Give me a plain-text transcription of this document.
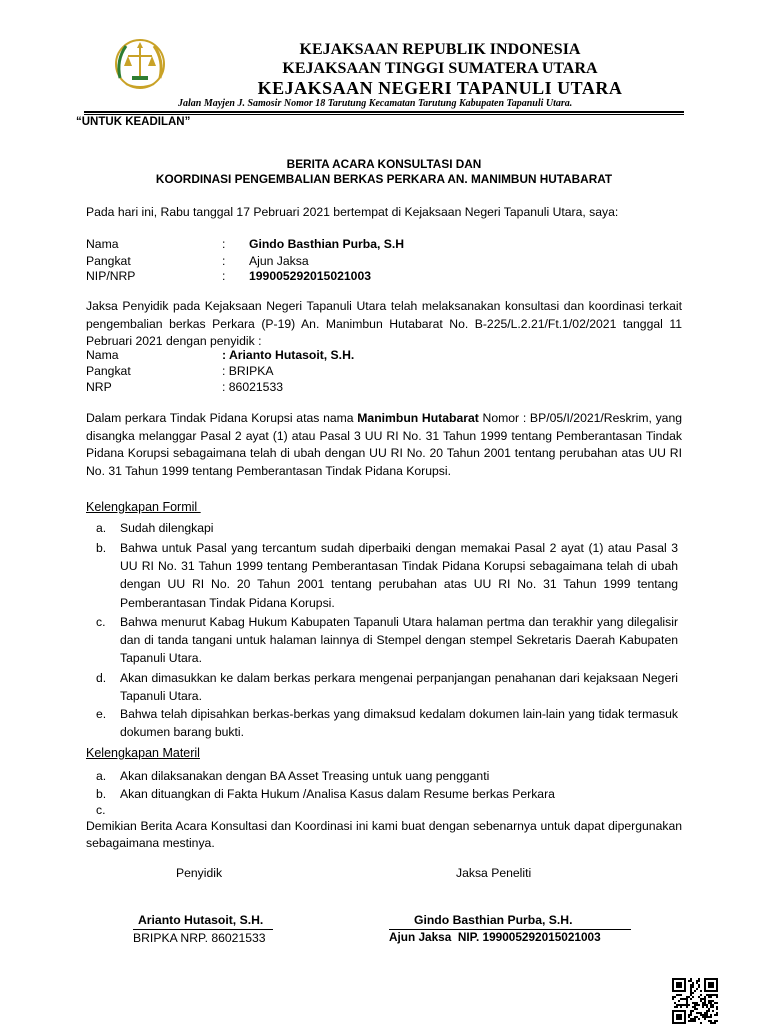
KEJAKSAAN REPUBLIK INDONESIA
KEJAKSAAN TINGGI SUMATERA UTARA
KEJAKSAAN NEGERI TAPANULI UTARA
Jalan Mayjen J. Samosir Nomor 18 Tarutung Kecamatan Tarutung Kabupaten Tapanuli Utara.
“UNTUK KEADILAN”
BERITA ACARA KONSULTASI DAN
KOORDINASI PENGEMBALIAN BERKAS PERKARA AN. MANIMBUN HUTABARAT
Pada hari ini, Rabu tanggal 17 Pebruari 2021 bertempat di Kejaksaan Negeri Tapanuli Utara, saya:
Nama	: Gindo Basthian Purba, S.H
Pangkat	: Ajun Jaksa
NIP/NRP	: 199005292015021003
Jaksa Penyidik pada Kejaksaan Negeri Tapanuli Utara telah melaksanakan konsultasi dan koordinasi terkait pengembalian berkas Perkara (P-19) An. Manimbun Hutabarat No. B-225/L.2.21/Ft.1/02/2021 tanggal 11 Pebruari 2021 dengan penyidik :
Nama	: Arianto Hutasoit, S.H.
Pangkat	: BRIPKA
NRP	: 86021533
Dalam perkara Tindak Pidana Korupsi atas nama Manimbun Hutabarat Nomor : BP/05/I/2021/Reskrim, yang disangka melanggar Pasal 2 ayat (1) atau Pasal 3 UU RI No. 31 Tahun 1999 tentang Pemberantasan Tindak Pidana Korupsi sebagaimana telah di ubah dengan UU RI No. 20 Tahun 2001 tentang perubahan atas UU RI No. 31 Tahun 1999 tentang Pemberantasan Tindak Pidana Korupsi.
Kelengkapan Formil
a. Sudah dilengkapi
b. Bahwa untuk Pasal yang tercantum sudah diperbaiki dengan memakai Pasal 2 ayat (1) atau Pasal 3 UU RI No. 31 Tahun 1999 tentang Pemberantasan Tindak Pidana Korupsi sebagaimana telah di ubah dengan UU RI No. 20 Tahun 2001 tentang perubahan atas UU RI No. 31 Tahun 1999 tentang Pemberantasan Tindak Pidana Korupsi.
c. Bahwa menurut Kabag Hukum Kabupaten Tapanuli Utara halaman pertma dan terakhir yang dilegalisir dan di tanda tangani untuk halaman lainnya di Stempel dengan stempel Sekretaris Daerah Kabupaten Tapanuli Utara.
d. Akan dimasukkan ke dalam berkas perkara mengenai perpanjangan penahanan dari kejaksaan Negeri Tapanuli Utara.
e. Bahwa telah dipisahkan berkas-berkas yang dimaksud kedalam dokumen lain-lain yang tidak termasuk dokumen barang bukti.
Kelengkapan Materil
a. Akan dilaksanakan dengan BA Asset Treasing untuk uang pengganti
b. Akan dituangkan di Fakta Hukum /Analisa Kasus dalam Resume berkas Perkara
c.
Demikian Berita Acara Konsultasi dan Koordinasi ini kami buat dengan sebenarnya untuk dapat dipergunakan sebagaimana mestinya.
Penyidik	Jaksa Peneliti
Arianto Hutasoit, S.H.
BRIPKA NRP. 86021533
Gindo Basthian Purba, S.H.
Ajun Jaksa  NIP. 199005292015021003
